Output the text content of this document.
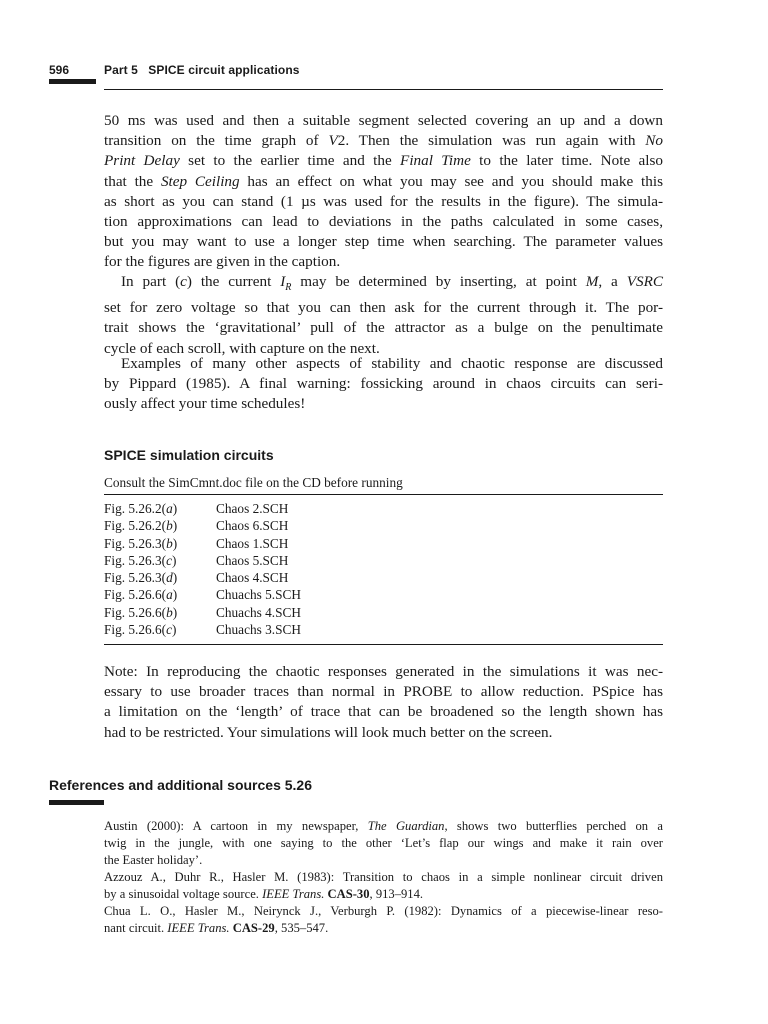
596	Part 5   SPICE circuit applications
50 ms was used and then a suitable segment selected covering an up and a down
transition on the time graph of V2. Then the simulation was run again with No
Print Delay set to the earlier time and the Final Time to the later time. Note also
that the Step Ceiling has an effect on what you may see and you should make this
as short as you can stand (1 µs was used for the results in the figure). The simula-
tion approximations can lead to deviations in the paths calculated in some cases,
but you may want to use a longer step time when searching. The parameter values
for the figures are given in the caption.
In part (c) the current $I_R$ may be determined by inserting, at point M, a VSRC
set for zero voltage so that you can then ask for the current through it. The por-
trait shows the ‘gravitational’ pull of the attractor as a bulge on the penultimate
cycle of each scroll, with capture on the next.
Examples of many other aspects of stability and chaotic response are discussed
by Pippard (1985). A final warning: fossicking around in chaos circuits can seri-
ously affect your time schedules!
SPICE simulation circuits
Consult the SimCmnt.doc file on the CD before running
Fig. 5.26.2(a)	Chaos 2.SCH
Fig. 5.26.2(b)	Chaos 6.SCH
Fig. 5.26.3(b)	Chaos 1.SCH
Fig. 5.26.3(c)	Chaos 5.SCH
Fig. 5.26.3(d)	Chaos 4.SCH
Fig. 5.26.6(a)	Chuachs 5.SCH
Fig. 5.26.6(b)	Chuachs 4.SCH
Fig. 5.26.6(c)	Chuachs 3.SCH
Note: In reproducing the chaotic responses generated in the simulations it was nec-
essary to use broader traces than normal in PROBE to allow reduction. PSpice has
a limitation on the ‘length’ of trace that can be broadened so the length shown has
had to be restricted. Your simulations will look much better on the screen.
References and additional sources 5.26
Austin (2000): A cartoon in my newspaper, The Guardian, shows two butterflies perched on a
twig in the jungle, with one saying to the other ‘Let’s flap our wings and make it rain over
the Easter holiday’.
Azzouz A., Duhr R., Hasler M. (1983): Transition to chaos in a simple nonlinear circuit driven
by a sinusoidal voltage source. IEEE Trans. CAS-30, 913–914.
Chua L. O., Hasler M., Neirynck J., Verburgh P. (1982): Dynamics of a piecewise-linear reso-
nant circuit. IEEE Trans. CAS-29, 535–547.
